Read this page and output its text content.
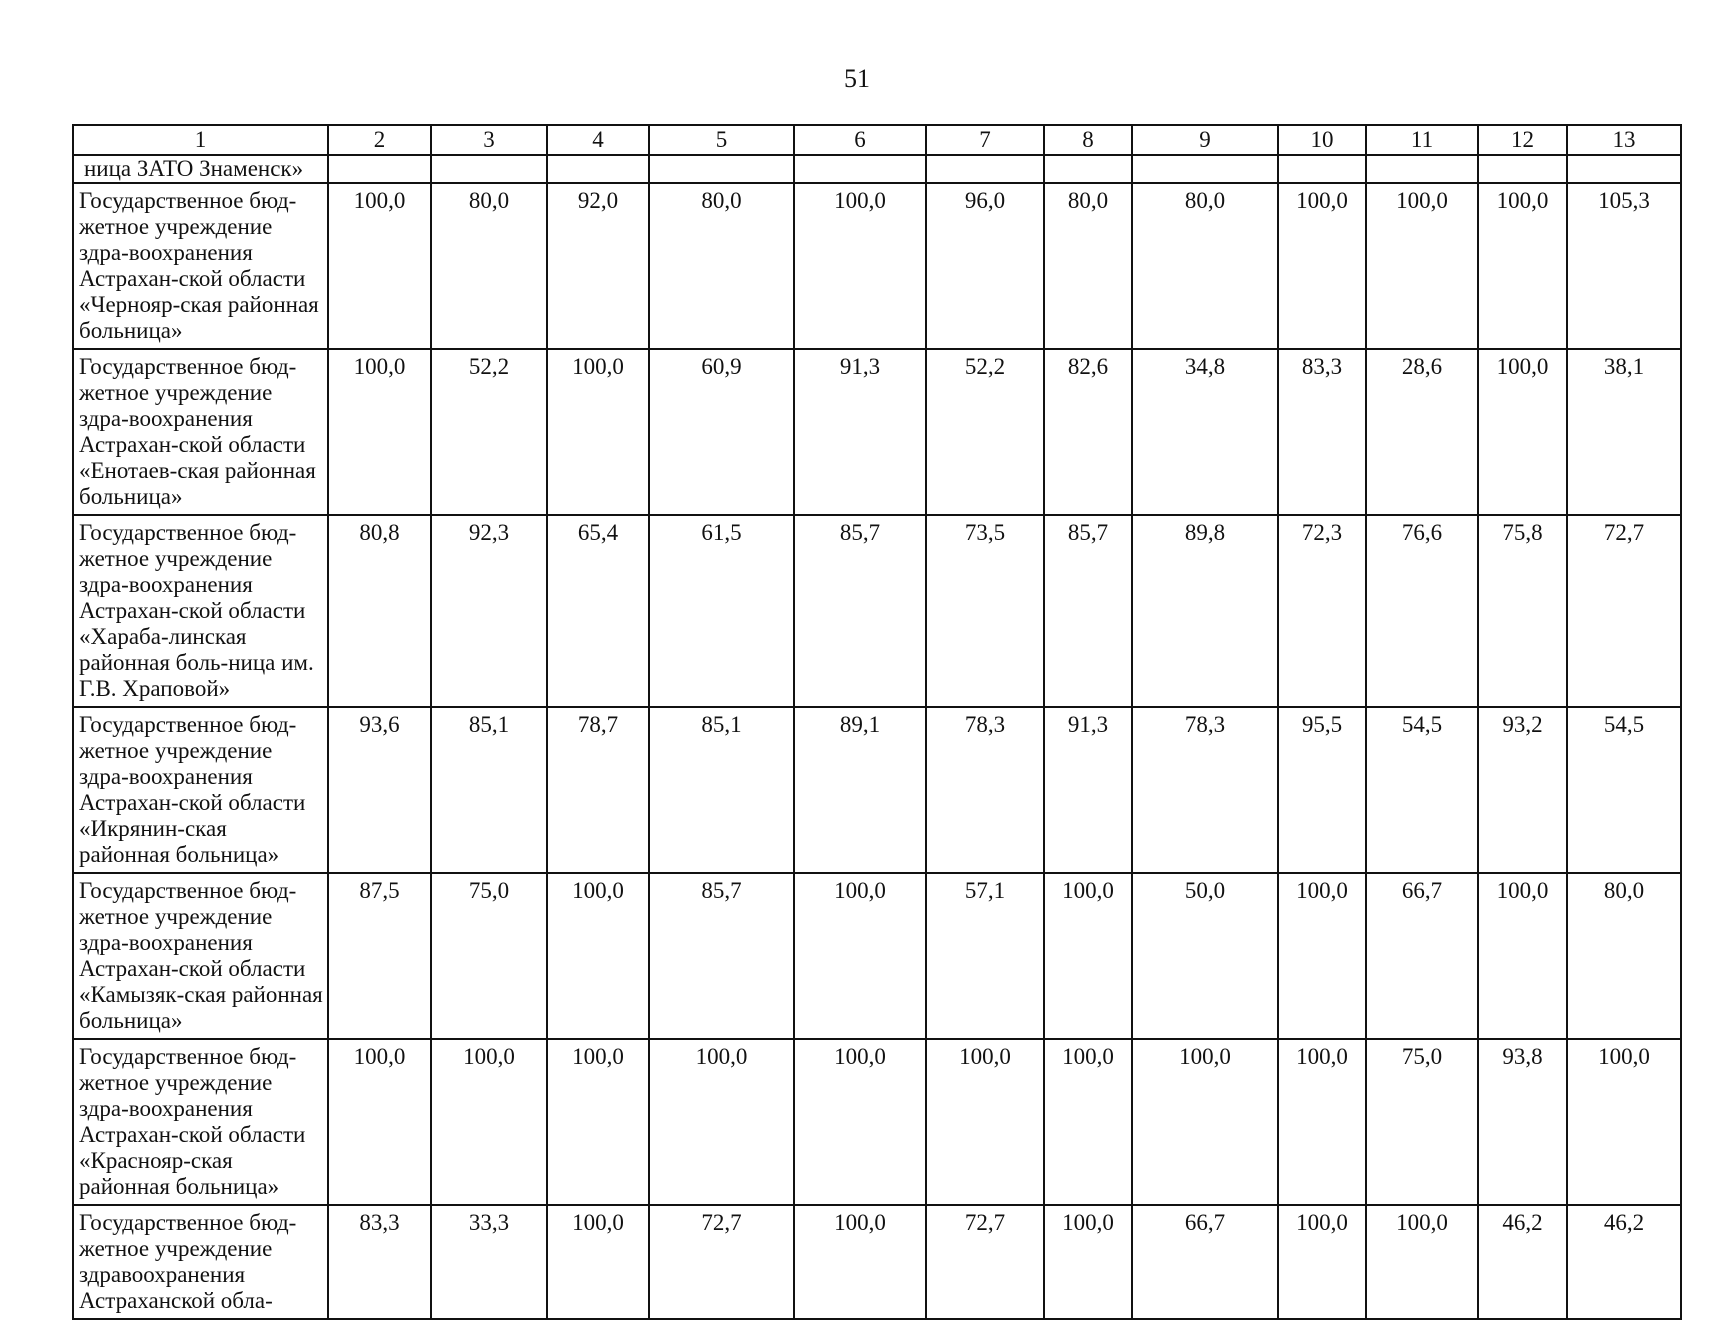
51
1	2	3	4	5	6	7	8	9	10	11	12	13
ница ЗАТО Знаменск»												
Государственное бюд-жетное учреждение здра-воохранения Астрахан-ской области «Чернояр-ская районная больница»	100,0	80,0	92,0	80,0	100,0	96,0	80,0	80,0	100,0	100,0	100,0	105,3
Государственное бюд-жетное учреждение здра-воохранения Астрахан-ской области «Енотаев-ская районная больница»	100,0	52,2	100,0	60,9	91,3	52,2	82,6	34,8	83,3	28,6	100,0	38,1
Государственное бюд-жетное учреждение здра-воохранения Астрахан-ской области «Хараба-линская районная боль-ница им. Г.В. Храповой»	80,8	92,3	65,4	61,5	85,7	73,5	85,7	89,8	72,3	76,6	75,8	72,7
Государственное бюд-жетное учреждение здра-воохранения Астрахан-ской области «Икрянин-ская районная больница»	93,6	85,1	78,7	85,1	89,1	78,3	91,3	78,3	95,5	54,5	93,2	54,5
Государственное бюд-жетное учреждение здра-воохранения Астрахан-ской области «Камызяк-ская районная больница»	87,5	75,0	100,0	85,7	100,0	57,1	100,0	50,0	100,0	66,7	100,0	80,0
Государственное бюд-жетное учреждение здра-воохранения Астрахан-ской области «Краснояр-ская районная больница»	100,0	100,0	100,0	100,0	100,0	100,0	100,0	100,0	100,0	75,0	93,8	100,0
Государственное бюд-жетное учреждение здравоохранения Астраханской обла-	83,3	33,3	100,0	72,7	100,0	72,7	100,0	66,7	100,0	100,0	46,2	46,2
